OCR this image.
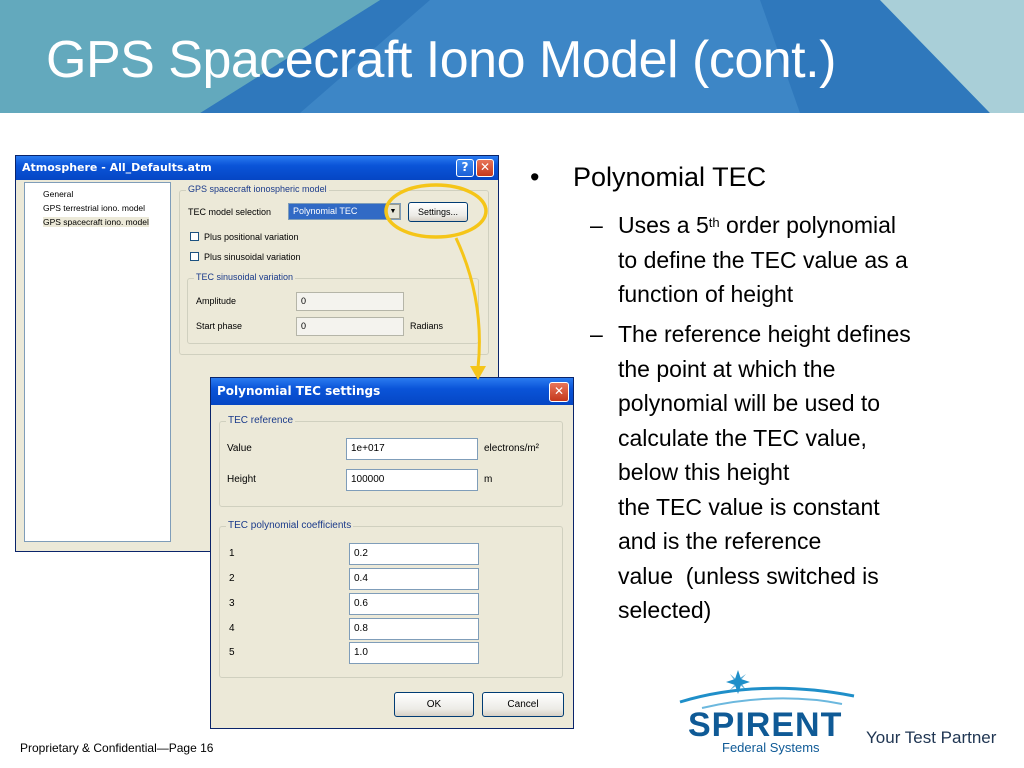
GPS Spacecraft Iono Model (cont.)
Atmosphere - All_Defaults.atm	? ✕
General
GPS terrestrial iono. model
GPS spacecraft iono. model
GPS spacecraft ionospheric model
TEC model selection	Polynomial TEC	▼	Settings...
Plus positional variation
Plus sinusoidal variation
TEC sinusoidal variation
Amplitude	0
Start phase	0	Radians
Polynomial TEC settings	✕
TEC reference
Value	1e+017	electrons/m²
Height	100000	m
TEC polynomial coefficients
1	0.2
2	0.4
3	0.6
4	0.8
5	1.0
OK	Cancel
• Polynomial TEC
– Uses a 5th order polynomial
to define the TEC value as a
function of height
– The reference height defines
the point at which the
polynomial will be used to
calculate the TEC value,
below this height
the TEC value is constant
and is the reference
value  (unless switched is
selected)
Proprietary & Confidential—Page 16
SPIRENT
Federal Systems
Your Test Partner
